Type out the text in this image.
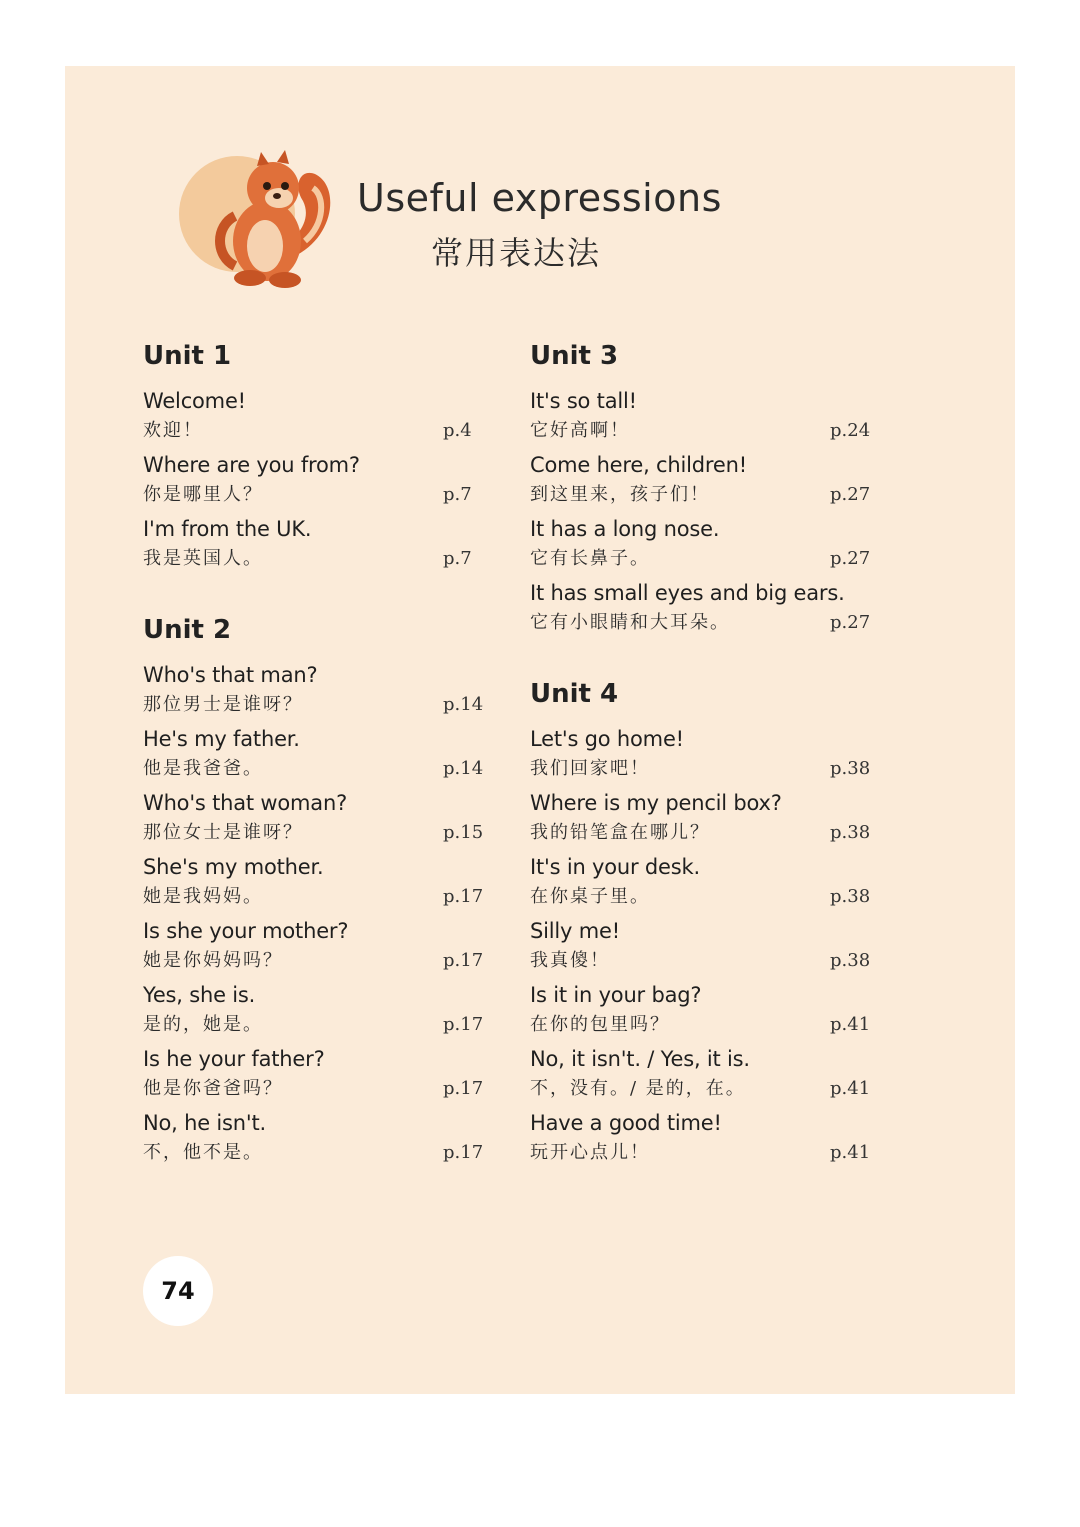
Useful expressions
常用表达法
Unit 1
Welcome!
欢迎！	p.4
Where are you from?
你是哪里人？	p.7
I'm from the UK.
我是英国人。	p.7
Unit 2
Who's that man?
那位男士是谁呀？	p.14
He's my father.
他是我爸爸。	p.14
Who's that woman?
那位女士是谁呀？	p.15
She's my mother.
她是我妈妈。	p.17
Is she your mother?
她是你妈妈吗？	p.17
Yes, she is.
是的，她是。	p.17
Is he your father?
他是你爸爸吗？	p.17
No, he isn't.
不，他不是。	p.17
Unit 3
It's so tall!
它好高啊！	p.24
Come here, children!
到这里来，孩子们！	p.27
It has a long nose.
它有长鼻子。	p.27
It has small eyes and big ears.
它有小眼睛和大耳朵。	p.27
Unit 4
Let's go home!
我们回家吧！	p.38
Where is my pencil box?
我的铅笔盒在哪儿？	p.38
It's in your desk.
在你桌子里。	p.38
Silly me!
我真傻！	p.38
Is it in your bag?
在你的包里吗？	p.41
No, it isn't. / Yes, it is.
不，没有。/ 是的，在。	p.41
Have a good time!
玩开心点儿！	p.41
74
